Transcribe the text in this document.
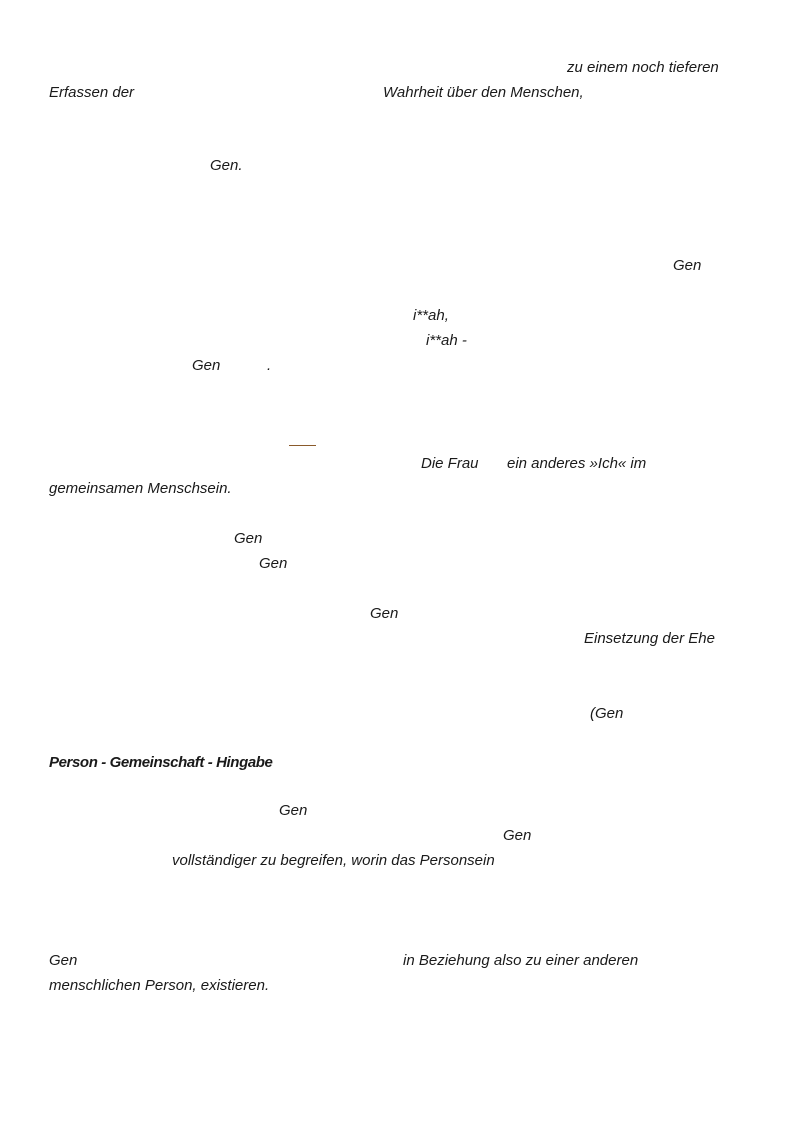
zu einem noch tieferen
Erfassen der	Wahrheit über den Menschen,
Gen.
Gen
i**ah,
i**ah -
Gen	.
Die Frau ein anderes »Ich« im
gemeinsamen Menschsein.
Gen
Gen
Gen
Einsetzung der Ehe
(Gen
Person - Gemeinschaft - Hingabe
Gen
Gen
vollständiger zu begreifen, worin das Personsein
Gen	in Beziehung also zu einer anderen
menschlichen Person, existieren.
